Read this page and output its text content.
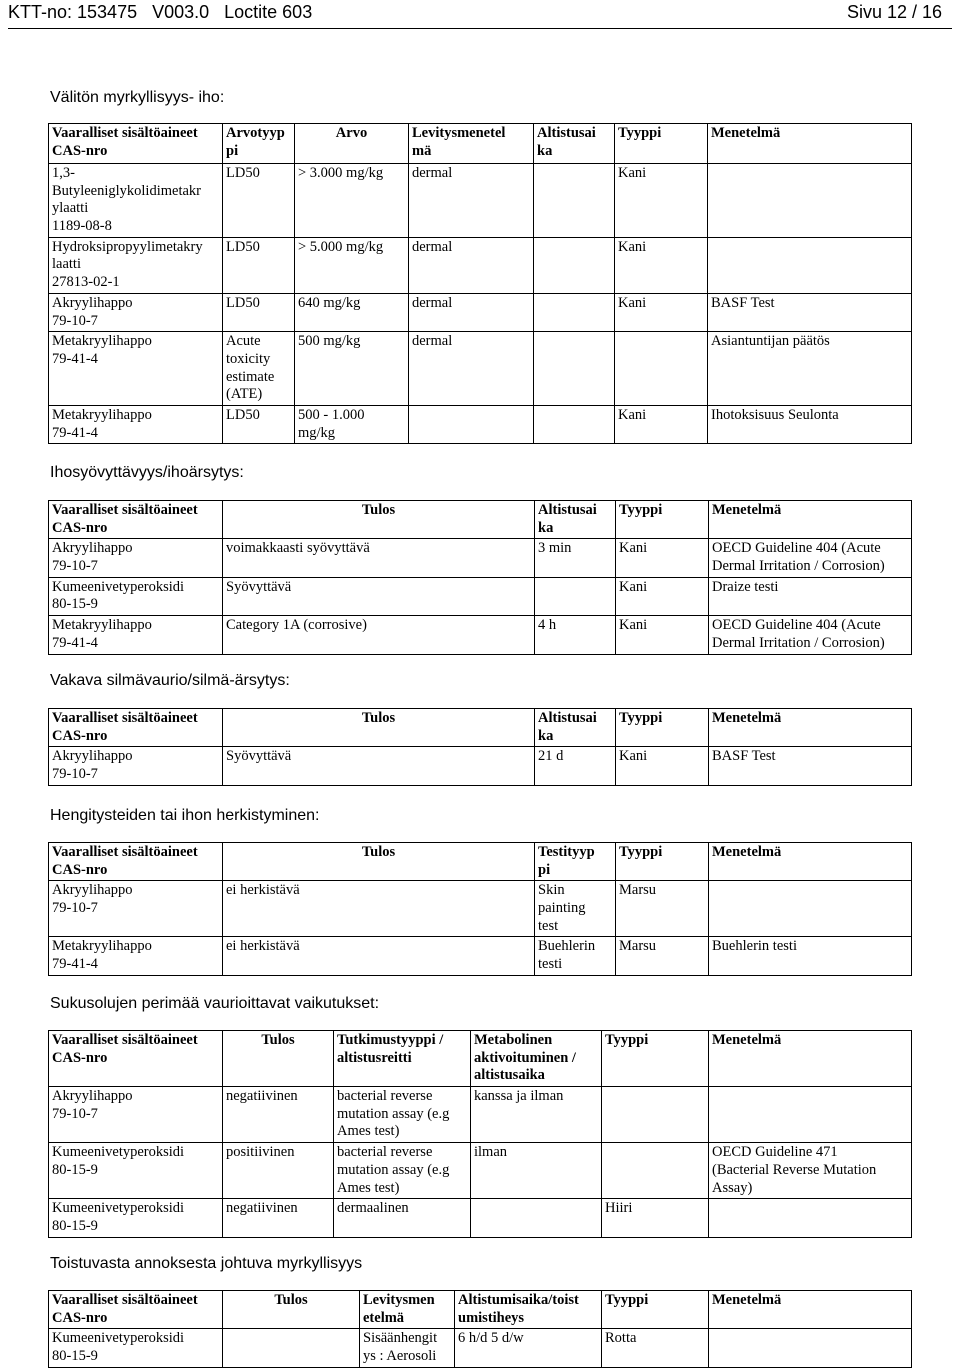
KTT-no: 153475   V003.0   Loctite 603	Sivu 12 / 16
Välitön myrkyllisyys- iho:
Vaaralliset sisältöaineet
CAS-nro	Arvotyyp
pi	Arvo	Levitysmenetel
mä	Altistusai
ka	Tyyppi	Menetelmä
1,3-
Butyleeniglykolidimetakr
ylaatti
1189-08-8	LD50	> 3.000 mg/kg	dermal		Kani	
Hydroksipropyylimetakry
laatti
27813-02-1	LD50	> 5.000 mg/kg	dermal		Kani	
Akryylihappo
79-10-7	LD50	640 mg/kg	dermal		Kani	BASF Test
Metakryylihappo
79-41-4	Acute
toxicity
estimate
(ATE)	500 mg/kg	dermal			Asiantuntijan päätös
Metakryylihappo
79-41-4	LD50	500 - 1.000
mg/kg			Kani	Ihotoksisuus Seulonta
Ihosyövyttävyys/ihoärsytys:
Vaaralliset sisältöaineet
CAS-nro	Tulos	Altistusai
ka	Tyyppi	Menetelmä
Akryylihappo
79-10-7	voimakkaasti syövyttävä	3 min	Kani	OECD Guideline 404 (Acute
Dermal Irritation / Corrosion)
Kumeenivetyperoksidi
80-15-9	Syövyttävä		Kani	Draize testi
Metakryylihappo
79-41-4	Category 1A (corrosive)	4 h	Kani	OECD Guideline 404 (Acute
Dermal Irritation / Corrosion)
Vakava silmävaurio/silmä-ärsytys:
Vaaralliset sisältöaineet
CAS-nro	Tulos	Altistusai
ka	Tyyppi	Menetelmä
Akryylihappo
79-10-7	Syövyttävä	21 d	Kani	BASF Test
Hengitysteiden tai ihon herkistyminen:
Vaaralliset sisältöaineet
CAS-nro	Tulos	Testityyp
pi	Tyyppi	Menetelmä
Akryylihappo
79-10-7	ei herkistävä	Skin
painting
test	Marsu	
Metakryylihappo
79-41-4	ei herkistävä	Buehlerin
testi	Marsu	Buehlerin testi
Sukusolujen perimää vaurioittavat vaikutukset:
Vaaralliset sisältöaineet
CAS-nro	Tulos	Tutkimustyyppi /
altistusreitti	Metabolinen
aktivoituminen /
altistusaika	Tyyppi	Menetelmä
Akryylihappo
79-10-7	negatiivinen	bacterial reverse
mutation assay (e.g
Ames test)	kanssa ja ilman		
Kumeenivetyperoksidi
80-15-9	positiivinen	bacterial reverse
mutation assay (e.g
Ames test)	ilman		OECD Guideline 471
(Bacterial Reverse Mutation
Assay)
Kumeenivetyperoksidi
80-15-9	negatiivinen	dermaalinen		Hiiri	
Toistuvasta annoksesta johtuva myrkyllisyys
Vaaralliset sisältöaineet
CAS-nro	Tulos	Levitysmen
etelmä	Altistumisaika/toist
umistiheys	Tyyppi	Menetelmä
Kumeenivetyperoksidi
80-15-9		Sisäänhengit
ys : Aerosoli	6 h/d 5 d/w	Rotta	
